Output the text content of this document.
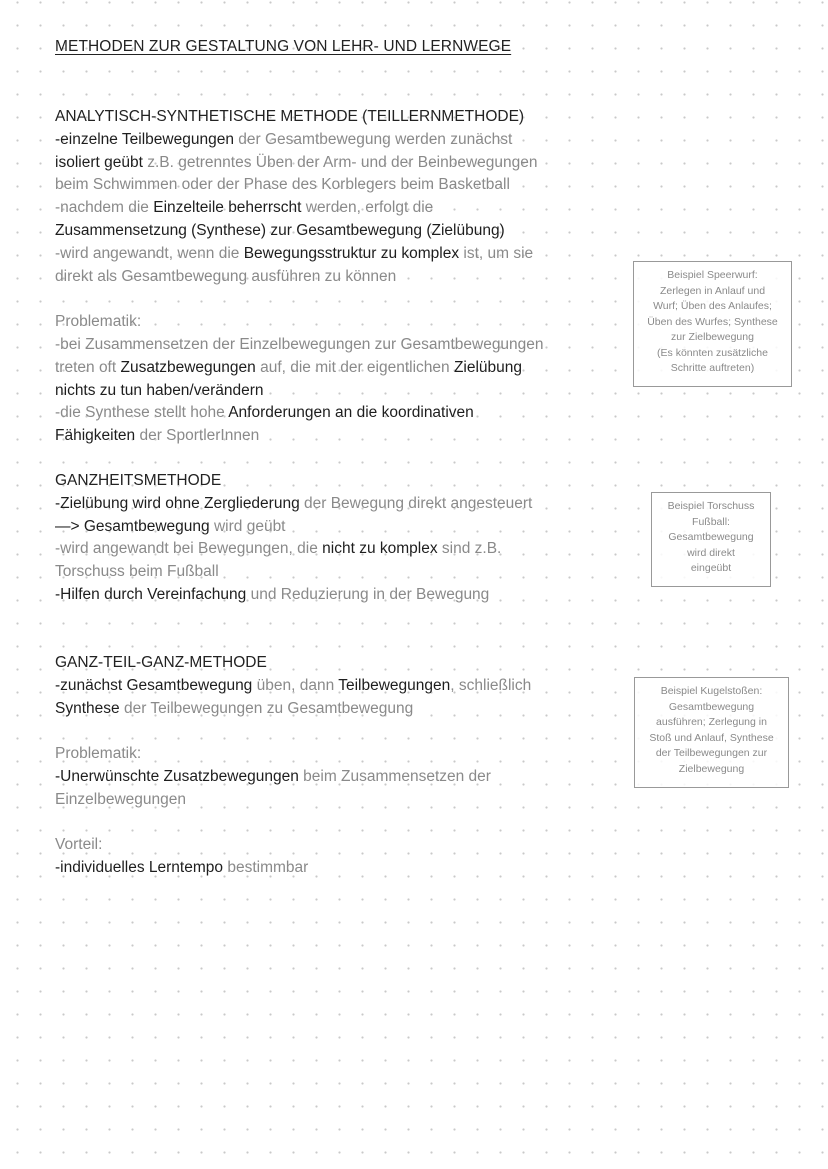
METHODEN ZUR GESTALTUNG VON LEHR- UND LERNWEGE
ANALYTISCH-SYNTHETISCHE METHODE (TEILLERNMETHODE)
-einzelne Teilbewegungen der Gesamtbewegung werden zunächst
isoliert geübt z.B. getrenntes Üben der Arm- und der Beinbewegungen
beim Schwimmen oder der Phase des Korblegers beim Basketball
-nachdem die Einzelteile beherrscht werden, erfolgt die
Zusammensetzung (Synthese) zur Gesamtbewegung (Zielübung)
-wird angewandt, wenn die Bewegungsstruktur zu komplex ist, um sie
direkt als Gesamtbewegung ausführen zu können
Problematik:
-bei Zusammensetzen der Einzelbewegungen zur Gesamtbewegungen
treten oft Zusatzbewegungen auf, die mit der eigentlichen Zielübung
nichts zu tun haben/verändern
-die Synthese stellt hohe Anforderungen an die koordinativen
Fähigkeiten der SportlerInnen
GANZHEITSMETHODE
-Zielübung wird ohne Zergliederung der Bewegung direkt angesteuert
—> Gesamtbewegung wird geübt
-wird angewandt bei Bewegungen, die nicht zu komplex sind z.B.
Torschuss beim Fußball
-Hilfen durch Vereinfachung und Reduzierung in der Bewegung
GANZ-TEIL-GANZ-METHODE
-zunächst Gesamtbewegung üben, dann Teilbewegungen, schließlich
Synthese der Teilbewegungen zu Gesamtbewegung
Problematik:
-Unerwünschte Zusatzbewegungen beim Zusammensetzen der
Einzelbewegungen
Vorteil:
-individuelles Lerntempo bestimmbar
Beispiel Speerwurf:
Zerlegen in Anlauf und
Wurf; Üben des Anlaufes;
Üben des Wurfes; Synthese
zur Zielbewegung
(Es könnten zusätzliche
Schritte auftreten)
Beispiel Torschuss
Fußball:
Gesamtbewegung
wird direkt
eingeübt
Beispiel Kugelstoßen:
Gesamtbewegung
ausführen; Zerlegung in
Stoß und Anlauf, Synthese
der Teilbewegungen zur
Zielbewegung
